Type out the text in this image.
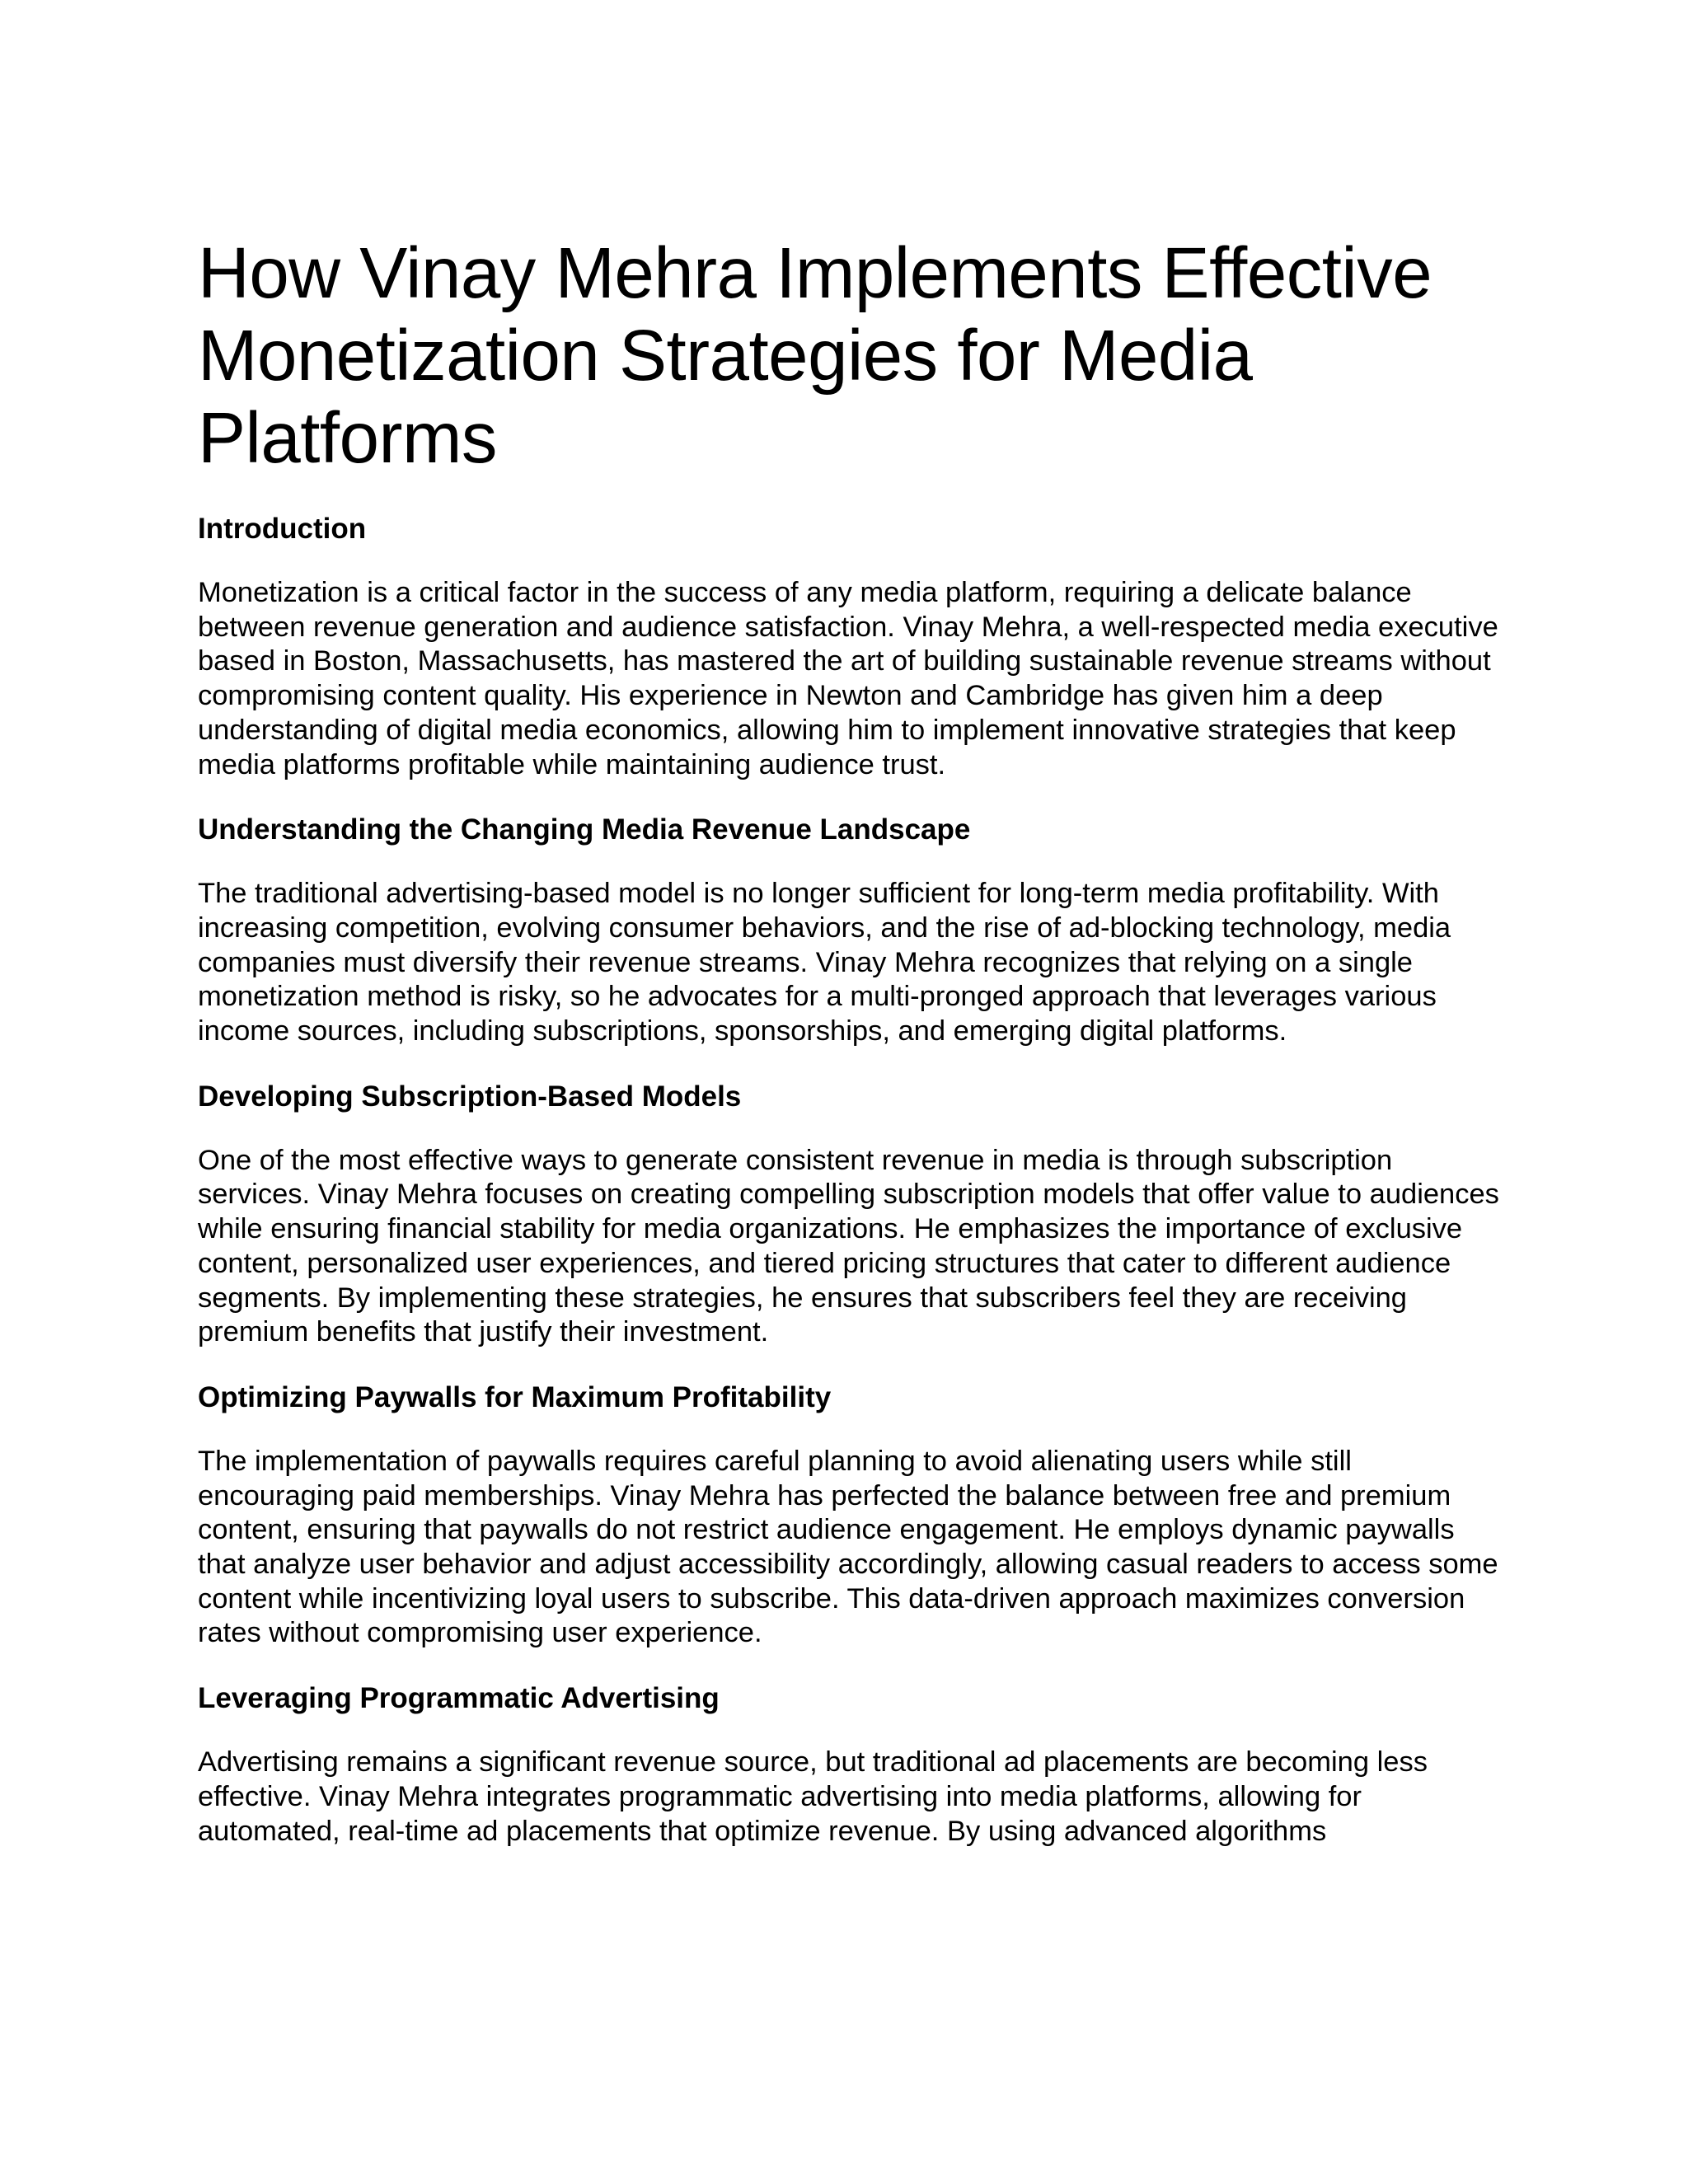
How Vinay Mehra Implements Effective Monetization Strategies for Media Platforms
Introduction

Monetization is a critical factor in the success of any media platform, requiring a delicate balance between revenue generation and audience satisfaction. Vinay Mehra, a well-respected media executive based in Boston, Massachusetts, has mastered the art of building sustainable revenue streams without compromising content quality. His experience in Newton and Cambridge has given him a deep understanding of digital media economics, allowing him to implement innovative strategies that keep media platforms profitable while maintaining audience trust.

Understanding the Changing Media Revenue Landscape

The traditional advertising-based model is no longer sufficient for long-term media profitability. With increasing competition, evolving consumer behaviors, and the rise of ad-blocking technology, media companies must diversify their revenue streams. Vinay Mehra recognizes that relying on a single monetization method is risky, so he advocates for a multi-pronged approach that leverages various income sources, including subscriptions, sponsorships, and emerging digital platforms.

Developing Subscription-Based Models

One of the most effective ways to generate consistent revenue in media is through subscription services. Vinay Mehra focuses on creating compelling subscription models that offer value to audiences while ensuring financial stability for media organizations. He emphasizes the importance of exclusive content, personalized user experiences, and tiered pricing structures that cater to different audience segments. By implementing these strategies, he ensures that subscribers feel they are receiving premium benefits that justify their investment.

Optimizing Paywalls for Maximum Profitability

The implementation of paywalls requires careful planning to avoid alienating users while still encouraging paid memberships. Vinay Mehra has perfected the balance between free and premium content, ensuring that paywalls do not restrict audience engagement. He employs dynamic paywalls that analyze user behavior and adjust accessibility accordingly, allowing casual readers to access some content while incentivizing loyal users to subscribe. This data-driven approach maximizes conversion rates without compromising user experience.

Leveraging Programmatic Advertising

Advertising remains a significant revenue source, but traditional ad placements are becoming less effective. Vinay Mehra integrates programmatic advertising into media platforms, allowing for automated, real-time ad placements that optimize revenue. By using advanced algorithms
